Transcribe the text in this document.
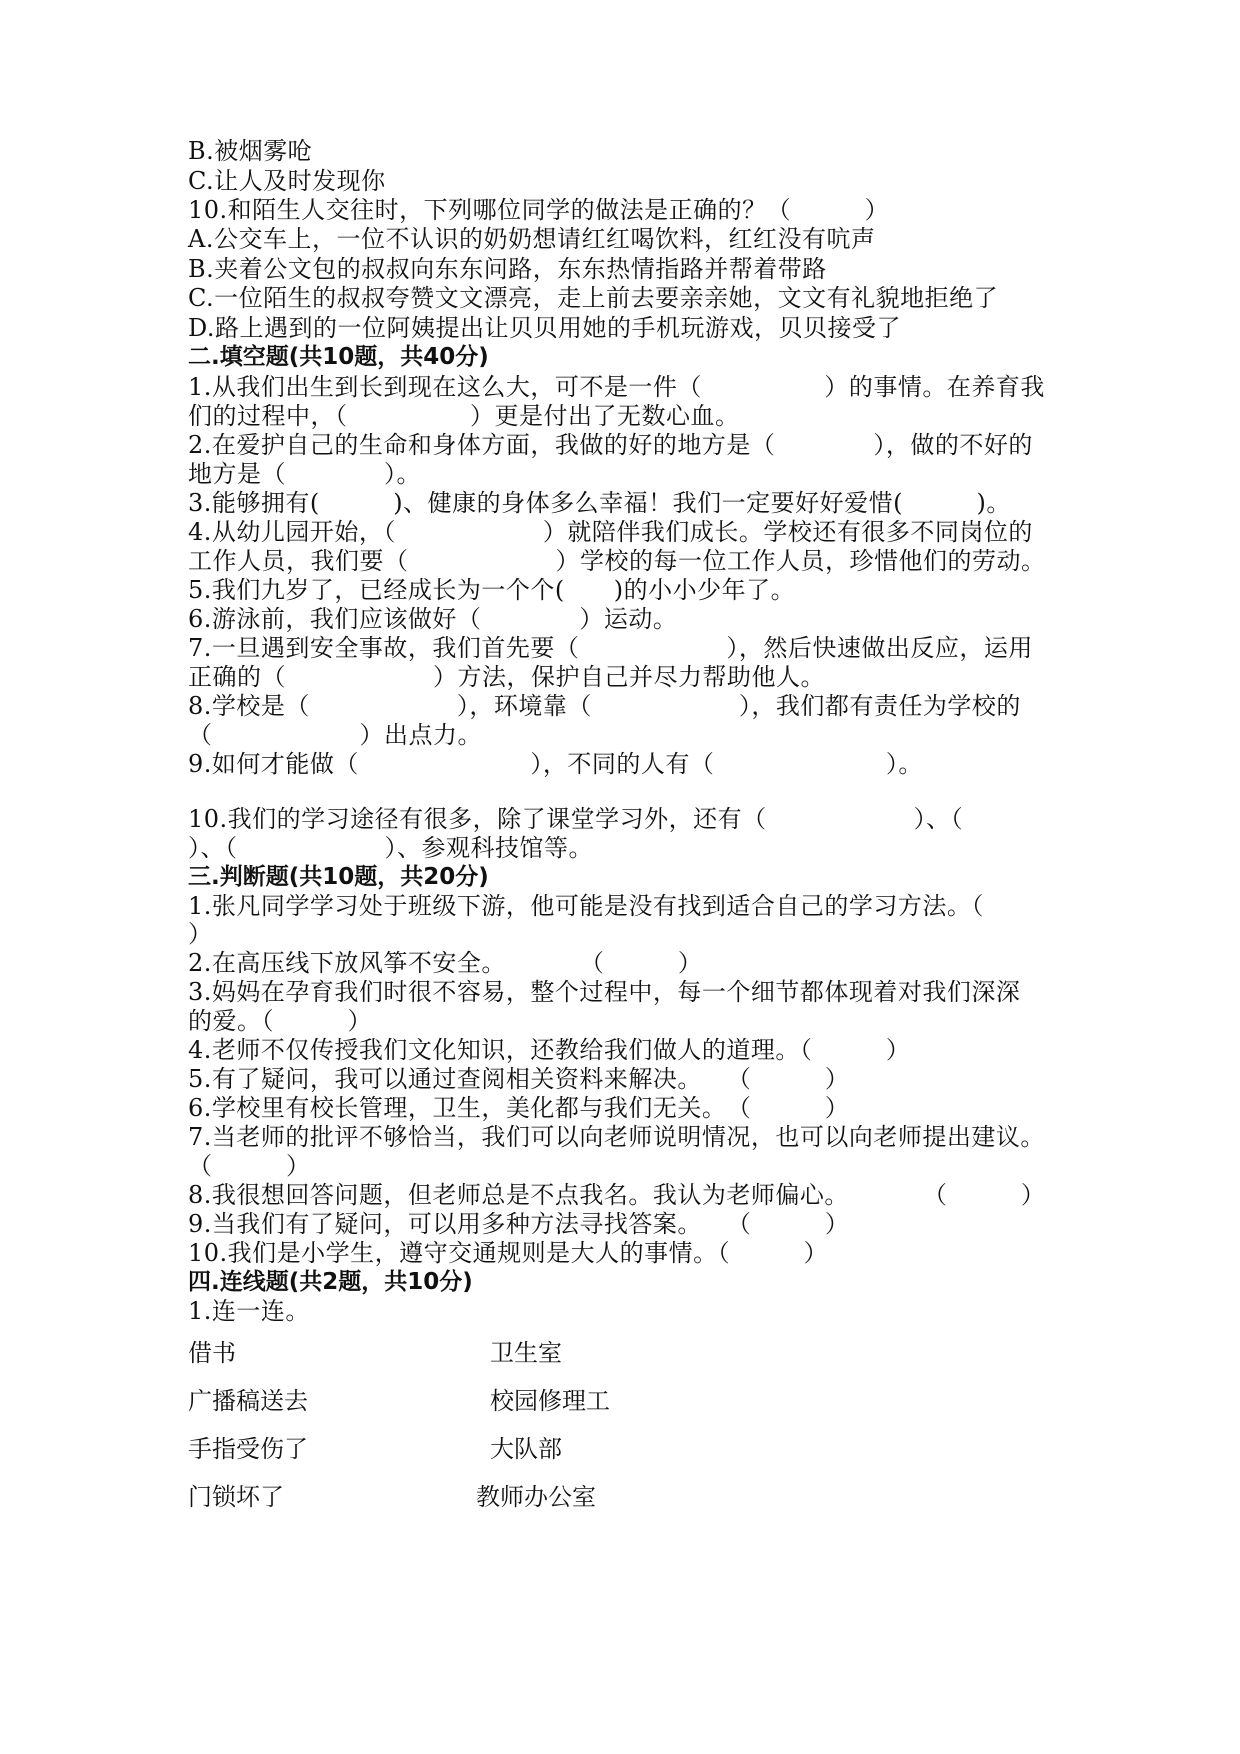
B.被烟雾呛
C.让人及时发现你
10.和陌生人交往时，下列哪位同学的做法是正确的？（　　　）
A.公交车上，一位不认识的奶奶想请红红喝饮料，红红没有吭声
B.夹着公文包的叔叔向东东问路，东东热情指路并帮着带路
C.一位陌生的叔叔夸赞文文漂亮，走上前去要亲亲她，文文有礼貌地拒绝了
D.路上遇到的一位阿姨提出让贝贝用她的手机玩游戏，贝贝接受了
二.填空题(共10题，共40分)
1.从我们出生到长到现在这么大，可不是一件（　　　　　）的事情。在养育我
们的过程中，（　　　　　）更是付出了无数心血。
2.在爱护自己的生命和身体方面，我做的好的地方是（　　　　），做的不好的
地方是（　　　　）。
3.能够拥有(　　　)、健康的身体多么幸福！我们一定要好好爱惜(　　　)。
4.从幼儿园开始，（　　　　　　）就陪伴我们成长。学校还有很多不同岗位的
工作人员，我们要（　　　　　　）学校的每一位工作人员，珍惜他们的劳动。
5.我们九岁了，已经成长为一个个(　　)的小小少年了。
6.游泳前，我们应该做好（　　　　）运动。
7.一旦遇到安全事故，我们首先要（　　　　　　），然后快速做出反应，运用
正确的（　　　　　　）方法，保护自己并尽力帮助他人。
8.学校是（　　　　　　），环境靠（　　　　　　），我们都有责任为学校的
（　　　　　　）出点力。
9.如何才能做（　　　　　　　），不同的人有（　　　　　　　）。
10.我们的学习途径有很多，除了课堂学习外，还有（　　　　　　）、（
）、（　　　　　　）、参观科技馆等。
三.判断题(共10题，共20分)
1.张凡同学学习处于班级下游，他可能是没有找到适合自己的学习方法。（
）
2.在高压线下放风筝不安全。　　　　（　　　）
3.妈妈在孕育我们时很不容易，整个过程中，每一个细节都体现着对我们深深
的爱。（　　　）
4.老师不仅传授我们文化知识，还教给我们做人的道理。（　　　）
5.有了疑问，我可以通过查阅相关资料来解决。　　（　　　）
6.学校里有校长管理，卫生，美化都与我们无关。　（　　　）
7.当老师的批评不够恰当，我们可以向老师说明情况，也可以向老师提出建议。
（　　　）
8.我很想回答问题，但老师总是不点我名。我认为老师偏心。　　　　（　　　）
9.当我们有了疑问，可以用多种方法寻找答案。　　（　　　）
10.我们是小学生，遵守交通规则是大人的事情。（　　　）
四.连线题(共2题，共10分)
1.连一连。
借书
广播稿送去
手指受伤了
门锁坏了
卫生室
校园修理工
大队部
教师办公室
